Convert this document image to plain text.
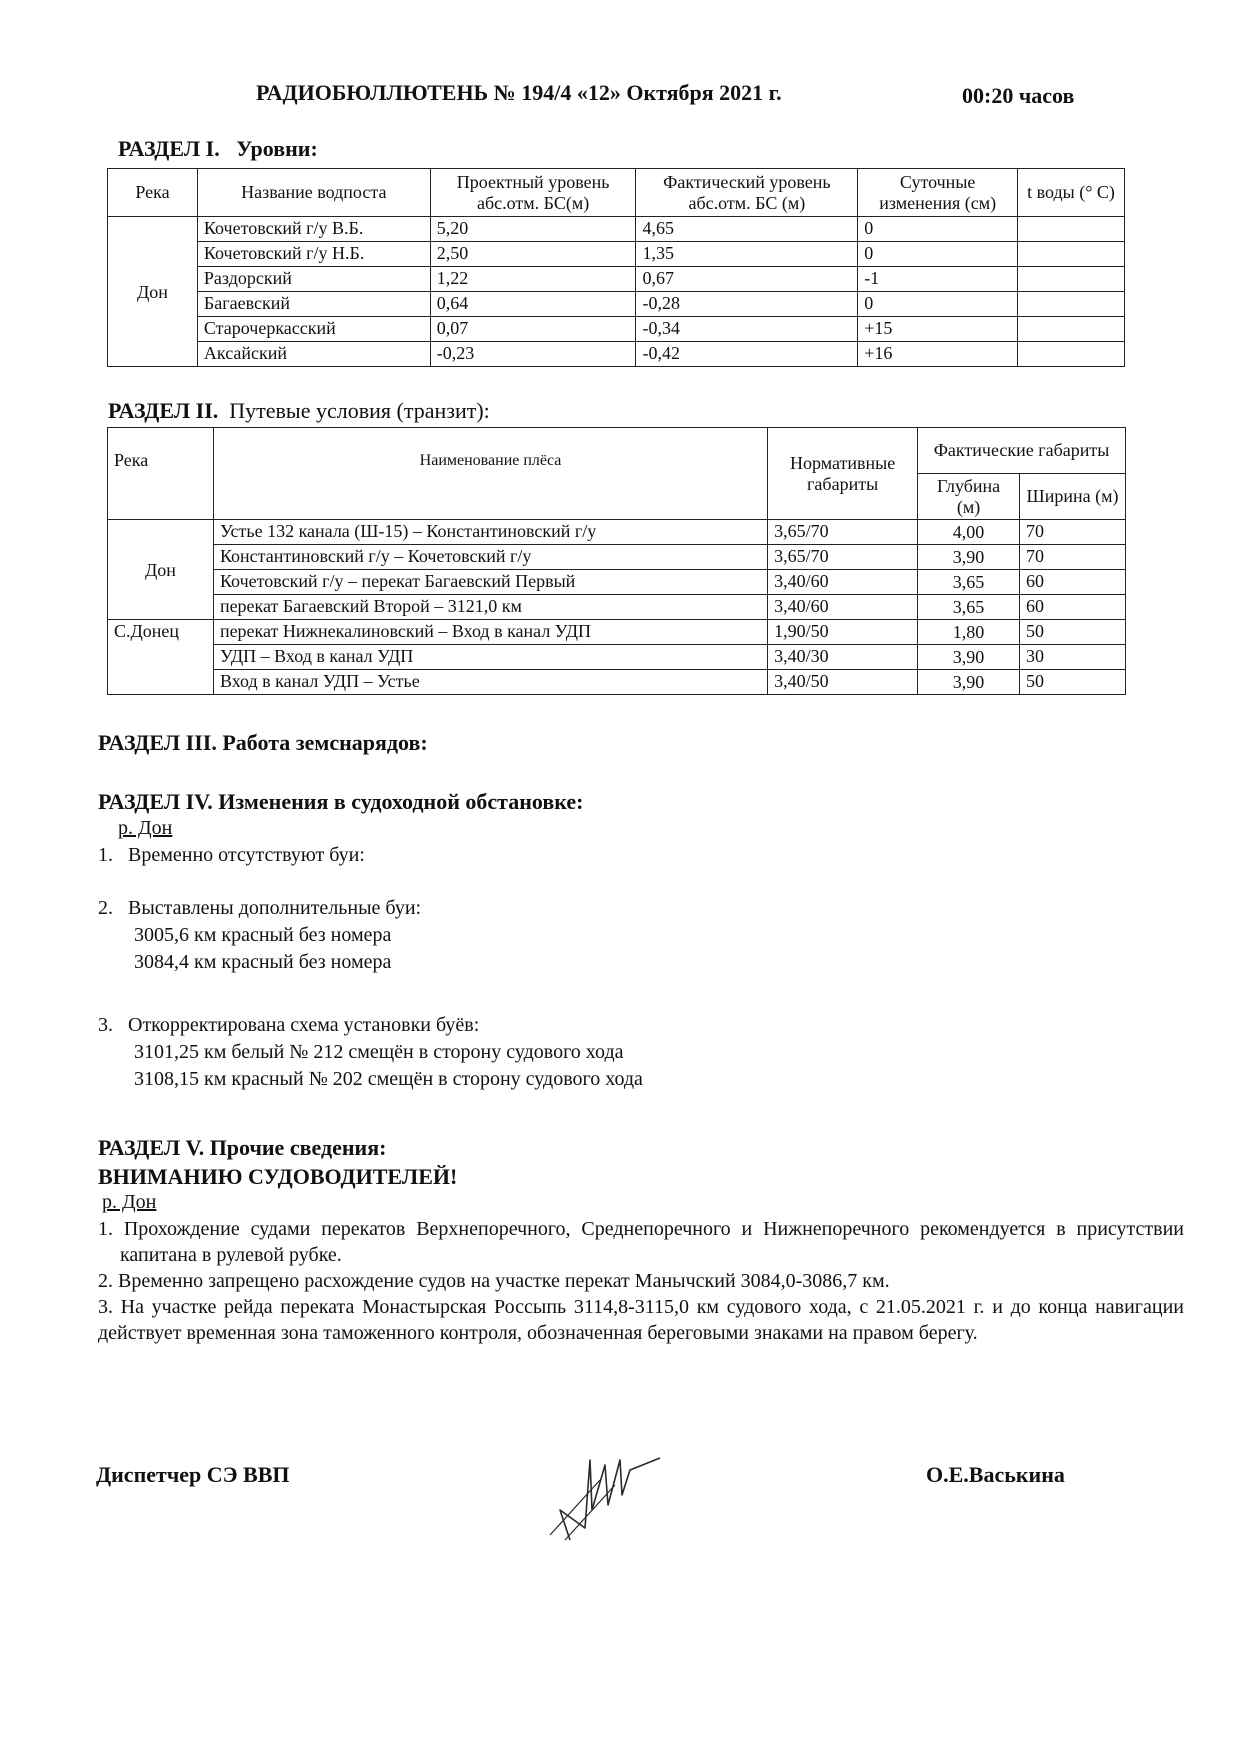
РАДИОБЮЛЛЮТЕНЬ № 194/4 «12» Октября 2021 г.	00:20 часов
РАЗДЕЛ I. Уровни:
Река	Название водпоста	Проектный уровень абс.отм. БС(м)	Фактический уровень абс.отм. БС (м)	Суточные изменения (см)	t воды (° С)
Дон	Кочетовский г/у В.Б.	5,20	4,65	0	
	Кочетовский г/у Н.Б.	2,50	1,35	0	
	Раздорский	1,22	0,67	-1	
	Багаевский	0,64	-0,28	0	
	Старочеркасский	0,07	-0,34	+15	
	Аксайский	-0,23	-0,42	+16	
РАЗДЕЛ II. Путевые условия (транзит):
Река	Наименование плёса	Нормативные габариты	Фактические габариты	
			Глубина (м)	Ширина (м)
Дон	Устье 132 канала (Ш-15) – Константиновский г/у	3,65/70	4,00	70
	Константиновский г/у – Кочетовский г/у	3,65/70	3,90	70
	Кочетовский г/у – перекат Багаевский Первый	3,40/60	3,65	60
	перекат Багаевский Второй – 3121,0 км	3,40/60	3,65	60
С.Донец	перекат Нижнекалиновский – Вход в канал УДП	1,90/50	1,80	50
	УДП – Вход в канал УДП	3,40/30	3,90	30
	Вход в канал УДП – Устье	3,40/50	3,90	50
РАЗДЕЛ III. Работа земснарядов:
РАЗДЕЛ IV. Изменения в судоходной обстановке:
р. Дон
1. Временно отсутствуют буи:
2. Выставлены дополнительные буи:
3005,6 км красный без номера
3084,4 км красный без номера
3. Откорректирована схема установки буёв:
3101,25 км белый № 212 смещён в сторону судового хода
3108,15 км красный № 202 смещён в сторону судового хода
РАЗДЕЛ V. Прочие сведения:
ВНИМАНИЮ СУДОВОДИТЕЛЕЙ!
р. Дон
1. Прохождение судами перекатов Верхнепоречного, Среднепоречного и Нижнепоречного рекомендуется в присутствии капитана в рулевой рубке.
2. Временно запрещено расхождение судов на участке перекат Манычский 3084,0-3086,7 км.
3. На участке рейда переката Монастырская Россыпь 3114,8-3115,0 км судового хода, с 21.05.2021 г. и до конца навигации действует временная зона таможенного контроля, обозначенная береговыми знаками на правом берегу.
Диспетчер СЭ ВВП	О.Е.Васькина
